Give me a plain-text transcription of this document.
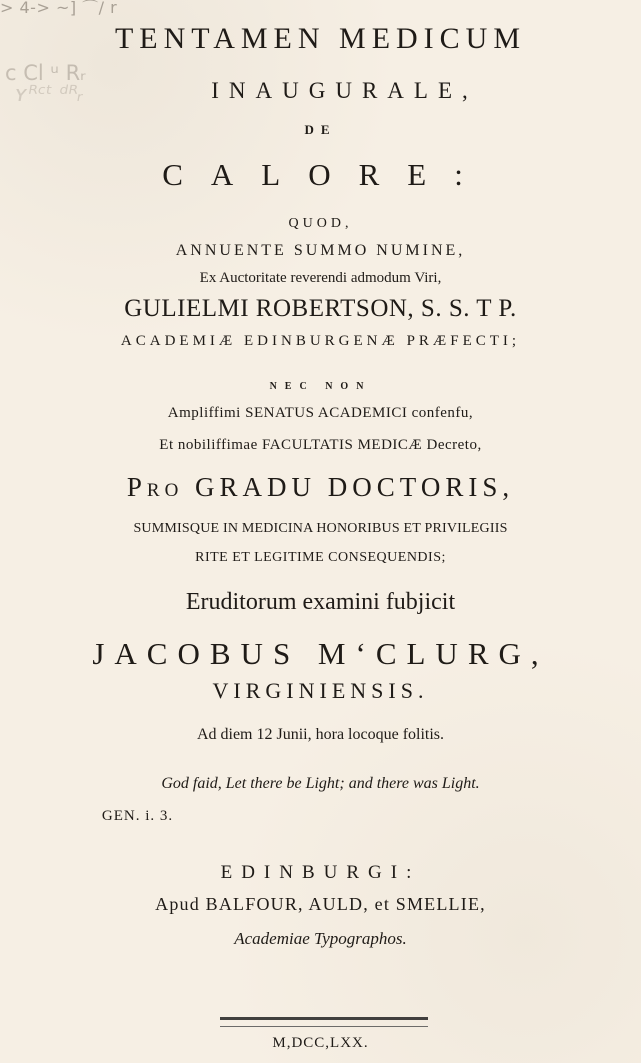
> 4-> ~] ⌒/ r
c Cl ᵘ Rᵣ
ʏᴿᶜᵗ ᵈᴿᵣ
TENTAMEN MEDICUM
INAUGURALE,
DE
CALORE:
QUOD,
ANNUENTE SUMMO NUMINE,
Ex Auctoritate reverendi admodum Viri,
GULIELMI ROBERTSON, S. S. T P.
ACADEMIÆ EDINBURGENÆ PRÆFECTI;
NEC NON
Ampliffimi SENATUS ACADEMICI confenfu,
Et nobiliffimae FACULTATIS MEDICÆ Decreto,
Pro GRADU DOCTORIS,
SUMMISQUE IN MEDICINA HONORIBUS ET PRIVILEGIIS
RITE ET LEGITIME CONSEQUENDIS;
Eruditorum examini fubjicit
JACOBUS M‘CLURG,
VIRGINIENSIS.
Ad diem 12 Junii, hora locoque folitis.
God faid, Let there be Light; and there was Light.
GEN. i. 3.
EDINBURGI:
Apud BALFOUR, AULD, et SMELLIE,
Academiae Typographos.
M,DCC,LXX.
